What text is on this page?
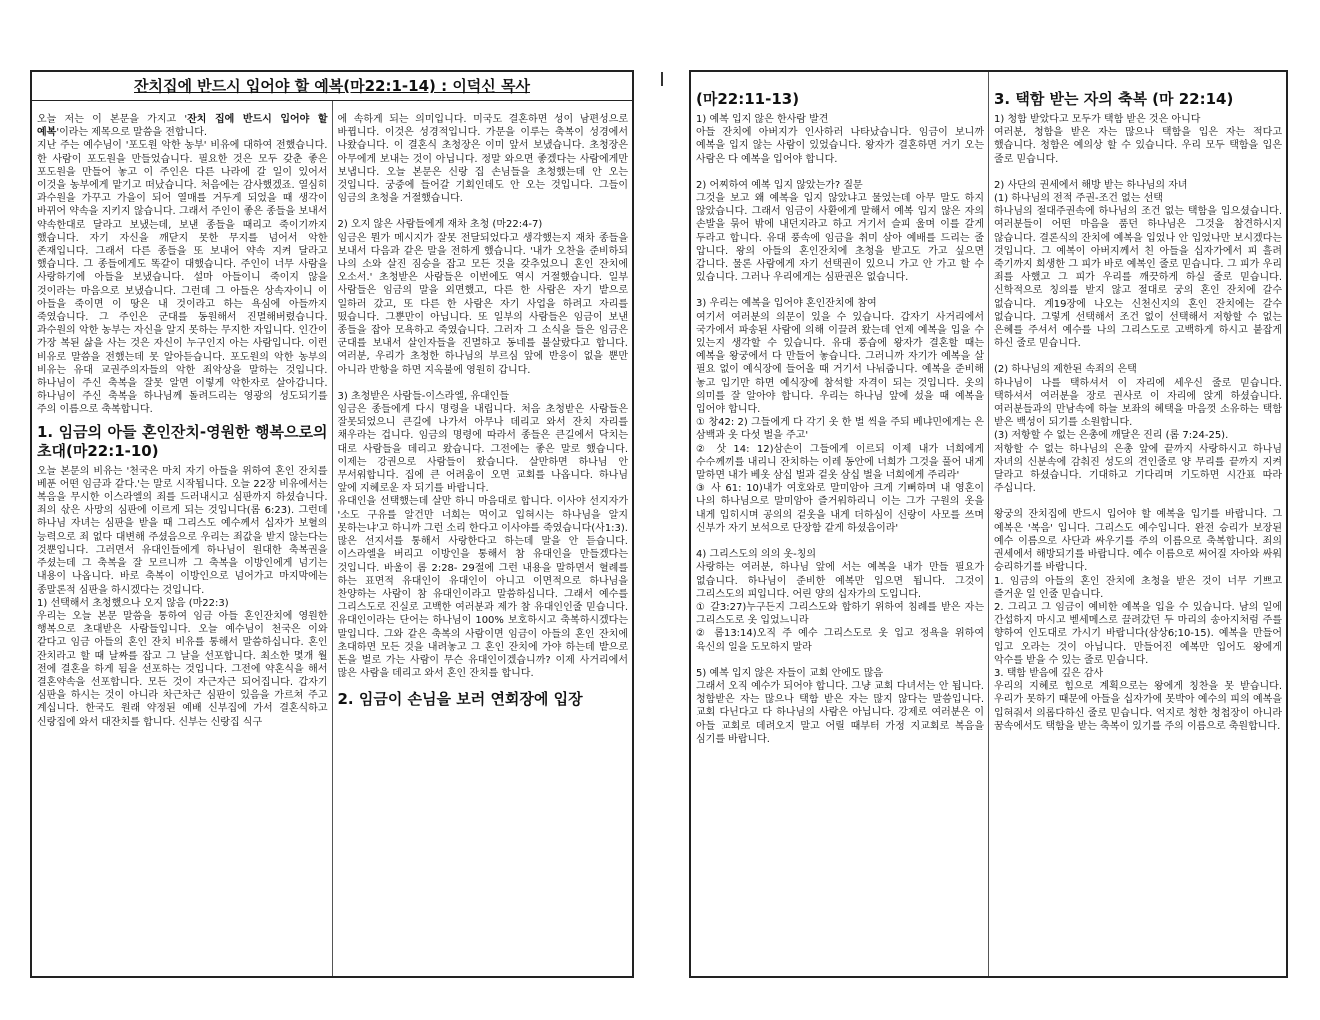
잔치집에 반드시 입어야 할 예복(마22:1-14) : 이덕신 목사

오늘 저는 이 본문을 가지고 '잔치 집에 반드시 입어야 할 예복'이라는 제목으로 말씀을 전합니다.

지난 주는 예수님이 '포도원 악한 농부' 비유에 대하여 전했습니다. 한 사람이 포도원을 만들었습니다. 필요한 것은 모두 갖춘 좋은 포도원을 만들어 놓고 이 주인은 다른 나라에 갈 일이 있어서 이것을 농부에게 맡기고 떠났습니다. 처음에는 감사했겠죠. 열심히 과수원을 가꾸고 가을이 되어 열매를 거두게 되었을 때 생각이 바뀌어 약속을 지키지 않습니다. 그래서 주인이 좋은 종들을 보내서 약속한대로 달라고 보냈는데, 보낸 종들을 때리고 죽이기까지 했습니다. 자기 자신을 깨닫지 못한 무지를 넘어서 악한 존재입니다. 그래서 다른 종들을 또 보내어 약속 지켜 달라고 했습니다. 그 종들에게도 똑같이 대했습니다. 주인이 너무 사람을 사랑하기에 아들을 보냈습니다. 설마 아들이니 죽이지 않을 것이라는 마음으로 보냈습니다. 그런데 그 아들은 상속자이니 이 아들을 죽이면 이 땅은 내 것이라고 하는 욕심에 아들까지 죽였습니다. 그 주인은 군대를 동원해서 진멸해버렸습니다. 과수원의 악한 농부는 자신을 알지 못하는 무지한 자입니다. 인간이 가장 복된 삶을 사는 것은 자신이 누구인지 아는 사람입니다. 이런 비유로 말씀을 전했는데 못 알아듣습니다. 포도원의 악한 농부의 비유는 유대 교권주의자들의 악한 죄악상을 말하는 것입니다. 하나님이 주신 축복을 잘못 알면 이렇게 악한자로 살아갑니다. 하나님이 주신 축복을 하나님께 돌려드리는 영광의 성도되기를 주의 이름으로 축복합니다.

1. 임금의 아들 혼인잔치-영원한 행복으로의 초대(마22:1-10)

오늘 본문의 비유는 '천국은 마치 자기 아들을 위하여 혼인 잔치를 베푼 어떤 임금과 같다.'는 말로 시작됩니다. 오늘 22장 비유에서는 복음을 무시한 이스라엘의 죄를 드러내시고 심판까지 하셨습니다. 죄의 삯은 사망의 심판에 이르게 되는 것입니다(롬 6:23). 그런데 하나님 자녀는 심판을 받을 때 그리스도 예수께서 십자가 보혈의 능력으로 죄 없다 대변해 주셨음으로 우리는 죄값을 받지 않는다는 것뿐입니다. 그러면서 유대인들에게 하나님이 원대한 축복권을 주셨는데 그 축복을 잘 모르니까 그 축복을 이방인에게 넘기는 내용이 나옵니다. 바로 축복이 이방인으로 넘어가고 마지막에는 종말론적 심판을 하시겠다는 것입니다.

1) 선택해서 초청했으나 오지 않음 (마22:3)

우리는 오늘 본문 말씀을 통하여 임금 아들 혼인잔치에 영원한 행복으로 초대받은 사람들입니다. 오늘 예수님이 천국은 이와 같다고 임금 아들의 혼인 잔치 비유를 통해서 말씀하십니다. 혼인 잔치라고 할 때 날짜를 잡고 그 날을 선포합니다. 최소한 몇개 월 전에 결혼을 하게 됨을 선포하는 것입니다. 그전에 약혼식을 해서 결혼약속을 선포합니다. 모든 것이 자근자근 되어집니다. 갑자기 심판을 하시는 것이 아니라 차근차근 심판이 있음을 가르쳐 주고 계십니다. 한국도 원래 약정된 예배 신부집에 가서 결혼식하고 신랑집에 와서 대잔치를 합니다. 신부는 신랑집 식구

에 속하게 되는 의미입니다. 미국도 결혼하면 성이 남편성으로 바뀝니다. 이것은 성경적입니다. 가문을 이루는 축복이 성경에서 나왔습니다. 이 결혼식 초청장은 이미 앞서 보냈습니다. 초청장은 아무에게 보내는 것이 아닙니다. 정말 와으면 좋겠다는 사람에게만 보냅니다. 오늘 본문은 신랑 집 손님들을 초청했는데 안 오는 것입니다. 궁중에 들어갈 기회인데도 안 오는 것입니다. 그들이 임금의 초청을 거절했습니다.

2) 오지 않은 사람들에게 재차 초청 (마22:4-7)

임금은 뭔가 메시지가 잘못 전달되었다고 생각했는지 재차 종들을 보내서 다음과 같은 말을 전하게 했습니다. '내가 오찬을 준비하되 나의 소와 살진 짐승을 잡고 모든 것을 갖추었으니 혼인 잔치에 오소서.' 초청받은 사람들은 이번에도 역시 거절했습니다. 일부 사람들은 임금의 말을 외면했고, 다른 한 사람은 자기 밭으로 일하러 갔고, 또 다른 한 사람은 자기 사업을 하려고 자리를 떴습니다. 그뿐만이 아닙니다. 또 일부의 사람들은 임금이 보낸 종들을 잡아 모욕하고 죽였습니다. 그러자 그 소식을 들은 임금은 군대를 보내서 살인자들을 진멸하고 동네를 불살랐다고 합니다. 여러분, 우리가 초청한 하나님의 부르심 앞에 반응이 없을 뿐만 아니라 반항을 하면 지옥불에 영원히 갑니다.

3) 초청받은 사람들-이스라엘, 유대인들

임금은 종들에게 다시 명령을 내립니다. 처음 초청받은 사람들은 잘못되었으니 큰길에 나가서 아무나 데리고 와서 잔치 자리를 채우라는 겁니다. 임금의 명령에 따라서 종들은 큰길에서 닥치는 대로 사람들을 데리고 왔습니다. 그전에는 좋은 말로 했습니다. 이제는 강권으로 사람들이 왔습니다. 살만하면 하나님 안 무서워합니다. 집에 큰 어려움이 오면 교회를 나옵니다. 하나님 앞에 지혜로운 자 되기를 바랍니다.

유대인을 선택했는데 살만 하니 마음대로 합니다. 이사야 선지자가 '소도 구유를 알건만 너희는 먹이고 입혀시는 하나님을 알지 못하는냐'고 하니까 그런 소리 한다고 이사야를 죽였습니다(사1:3). 많은 선지서를 통해서 사랑한다고 하는데 말을 안 듣습니다. 이스라엘을 버리고 이방인을 통해서 참 유대인을 만들겠다는 것입니다. 바울이 롬 2:28- 29절에 그런 내용을 말하면서 혈례를 하는 표면적 유대인이 유대인이 아니고 이면적으로 하나님을 찬양하는 사람이 참 유대인이라고 말씀하십니다. 그래서 예수를 그리스도로 진실로 고백한 여러분과 제가 참 유대인인줄 믿습니다. 유대인이라는 단어는 하나님이 100% 보호하시고 축복하시겠다는 말입니다. 그와 같은 축복의 사람이면 임금이 아들의 혼인 잔치에 초대하면 모든 것을 내려놓고 그 혼인 잔치에 가야 하는데 밭으로 돈을 벌로 가는 사람이 무슨 유대인이겠습니까? 이제 사거리에서 많은 사람을 데리고 와서 혼인 잔치를 합니다.

2. 임금이 손님을 보러 연회장에 입장
(마22:11-13)

1) 예복 입지 않은 한사람 발견

아들 잔치에 아버지가 인사하러 나타났습니다. 임금이 보니까 예복을 입지 않는 사람이 있었습니다. 왕자가 결혼하면 거기 오는 사람은 다 예복을 입어야 합니다.

2) 어찌하여 예복 입지 않았는가? 질문

그것을 보고 왜 예복을 입지 않았냐고 물었는데 아무 말도 하지 않았습니다. 그래서 임금이 사환에게 말해서 예복 입지 않은 자의 손발을 묶어 밖에 내던지라고 하고 거기서 슬피 울며 이를 갈게 두라고 합니다. 유대 풍속에 임금을 취미 삼아 예배를 드리는 줄 압니다. 왕의 아들의 혼인잔치에 초청을 받고도 가고 싶으면 갑니다. 물론 사람에게 자기 선택권이 있으니 가고 안 가고 할 수 있습니다. 그러나 우리에게는 심판권은 없습니다.

3) 우리는 예복을 입어야 혼인잔치에 참여

여기서 여러분의 의문이 있을 수 있습니다. 갑자기 사거리에서 국가에서 파송된 사람에 의해 이끌려 왔는데 언제 예복을 입을 수 있는지 생각할 수 있습니다. 유대 풍습에 왕자가 결혼할 때는 예복을 왕궁에서 다 만들어 놓습니다. 그러니까 자기가 예복을 살 필요 없이 예식장에 들어올 때 거기서 나눠줍니다. 예복을 준비해 놓고 입기만 하면 예식장에 참석할 자격이 되는 것입니다. 옷의 의미를 잘 알아야 합니다. 우리는 하나님 앞에 섰을 때 예복을 입어야 합니다.

① 창42: 2) 그들에게 다 각기 옷 한 벌 씩을 주되 베냐민에게는 은 삼백과 옷 다섯 벌을 주고'

② 삿 14: 12)삼손이 그들에게 이르되 이제 내가 너희에게 수수께끼를 내리니 잔치하는 이레 동안에 너희가 그것을 풀어 내게 말하면 내가 베옷 삼십 벌과 겉옷 삼십 벌을 너희에게 주리라'

③ 사 61: 10)내가 여호와로 말미암아 크게 기뻐하며 내 영혼이 나의 하나님으로 말미암아 즐거워하리니 이는 그가 구원의 옷을 내게 입히시며 공의의 겉옷을 내게 더하심이 신랑이 사모를 쓰며 신부가 자기 보석으로 단장함 같게 하셨음이라'

4) 그리스도의 의의 옷-칭의

사랑하는 여러분, 하나님 앞에 서는 예복을 내가 만들 필요가 없습니다. 하나님이 준비한 예복만 입으면 됩니다. 그것이 그리스도의 피입니다. 어린 양의 십자가의 도입니다.

① 갈3:27)누구든지 그리스도와 합하기 위하여 침례를 받은 자는 그리스도로 옷 입었느니라

② 롬13:14)오직 주 예수 그리스도로 옷 입고 정욕을 위하여 육신의 일을 도모하지 말라

5) 예복 입지 않은 자들이 교회 안에도 많음

그래서 오직 예수가 되어야 합니다. 그냥 교회 다녀서는 안 됩니다. 청함받은 자는 많으나 택함 받은 자는 많지 않다는 말씀입니다. 교회 다닌다고 다 하나님의 사람은 아닙니다. 강제로 여러분은 이 아들 교회로 데려오지 말고 어릴 때부터 가정 지교회로 복음을 심기를 바랍니다.

3. 택함 받는 자의 축복 (마 22:14)

1) 청함 받았다고 모두가 택함 받은 것은 아니다

여러분, 청함을 받은 자는 많으나 택함을 입은 자는 적다고 했습니다. 청함은 예의상 할 수 있습니다. 우리 모두 택함을 입은 줄로 믿습니다.

2) 사단의 권세에서 해방 받는 하나님의 자녀

(1) 하나님의 전적 주권-조건 없는 선택

하나님의 절대주권속에 하나님의 조건 없는 택함을 입으셨습니다. 여러분들이 어떤 마음을 품던 하나님은 그것을 참견하시지 않습니다. 결론식의 잔치에 예복을 입었나 안 입었나만 보시겠다는 것입니다. 그 예복이 아버지께서 친 아들을 십자가에서 피 흘려 죽기까지 희생한 그 피가 바로 예복인 줄로 믿습니다. 그 피가 우리 죄를 사했고 그 피가 우리를 깨끗하게 하실 줄로 믿습니다. 신학적으로 칭의를 받지 않고 절대로 궁의 혼인 잔치에 갈수 없습니다. 계19장에 나오는 신천신지의 혼인 잔치에는 갈수 없습니다. 그렇게 선택해서 조건 없이 선택해서 저항할 수 없는 은혜를 주셔서 예수를 나의 그리스도로 고백하게 하시고 붙잡게 하신 줄로 믿습니다.

(2) 하나님의 제한된 속죄의 은택

하나님이 나를 택하셔서 이 자리에 세우신 줄로 믿습니다. 택하셔서 여러분을 장로 권사로 이 자리에 앉게 하셨습니다. 여러분들과의 만남속에 하늘 보좌의 혜택을 마음껏 소유하는 택함 받은 백성이 되기를 소원합니다.

(3) 저항할 수 없는 은총에 깨달은 진리 (롬 7:24-25).

저항할 수 없는 하나님의 은총 앞에 끝까지 사랑하시고 하나님 자녀의 신분속에 감춰진 성도의 견인줄로 양 무리를 끝까지 지켜 달라고 하셨습니다. 기대하고 기다리며 기도하면 시간표 따라 주십니다.

왕궁의 잔치집에 반드시 입어야 할 예복을 입기를 바랍니다. 그 예복은 '복음' 입니다. 그리스도 예수입니다. 완전 승리가 보장된 예수 이름으로 사단과 싸우기를 주의 이름으로 축복합니다. 죄의 권세에서 해방되기를 바랍니다. 예수 이름으로 써어질 자아와 싸워 승리하기를 바랍니다.

1. 임금의 아들의 혼인 잔치에 초청을 받은 것이 너무 기쁘고 즐거운 일 인줄 믿습니다.

2. 그리고 그 임금이 예비한 예복을 입을 수 있습니다. 남의 일에 간섭하지 마시고 벧세메스로 끌려갔던 두 마리의 송아지처럼 주를 향하여 인도대로 가시기 바랍니다(삼상6;10-15). 예복을 만들어 입고 오라는 것이 아닙니다. 만들어진 예복만 입어도 왕에게 악수를 받을 수 있는 줄로 믿습니다.

3. 택함 받음에 깊은 감사

우리의 지혜로 힘으로 계획으로는 왕에게 칭찬을 못 받습니다. 우리가 못하기 때문에 아들을 십자가에 못박아 예수의 피의 예복을 입혀줘서 의롭다하신 줄로 믿습니다. 억지로 청한 청첩장이 아니라 꿈속에서도 택함을 받는 축복이 있기를 주의 이름으로 축원합니다.
